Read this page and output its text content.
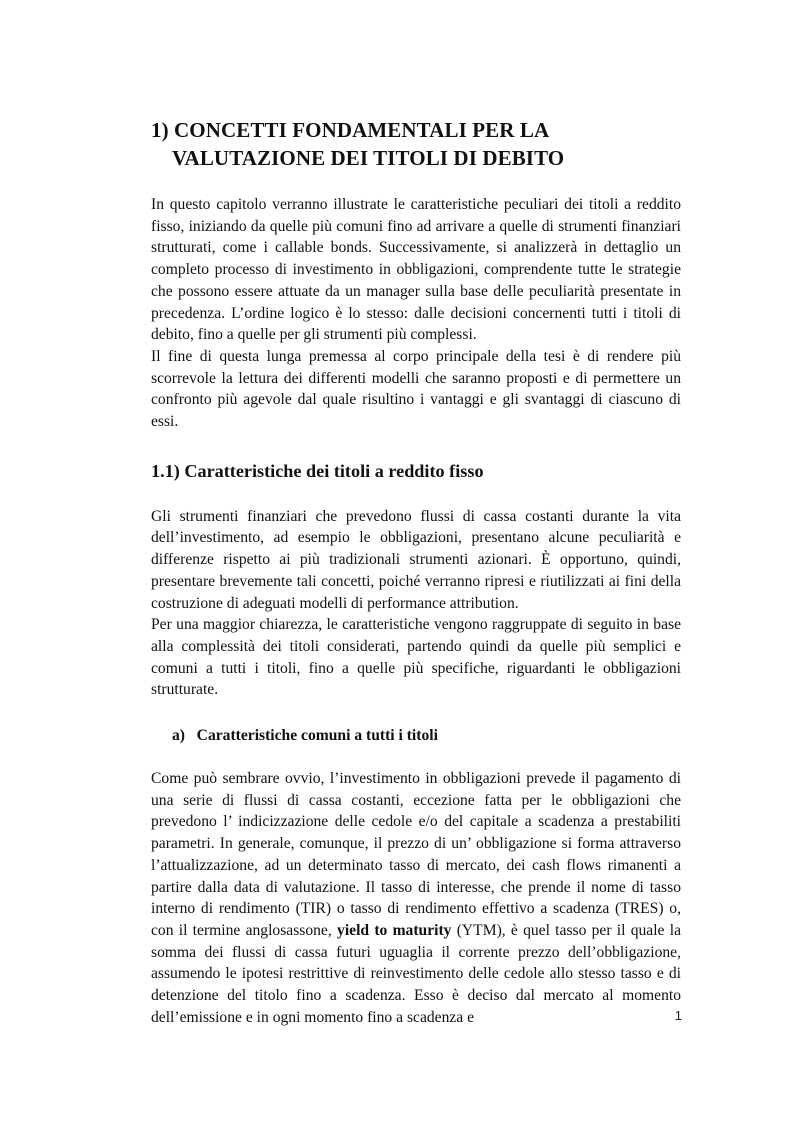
1) CONCETTI FONDAMENTALI PER LA
VALUTAZIONE DEI TITOLI DI DEBITO

In questo capitolo verranno illustrate le caratteristiche peculiari dei titoli a reddito fisso, iniziando da quelle più comuni fino ad arrivare a quelle di strumenti finanziari strutturati, come i callable bonds. Successivamente, si analizzerà in dettaglio un completo processo di investimento in obbligazioni, comprendente tutte le strategie che possono essere attuate da un manager sulla base delle peculiarità presentate in precedenza. L’ordine logico è lo stesso: dalle decisioni concernenti tutti i titoli di debito, fino a quelle per gli strumenti più complessi.

Il fine di questa lunga premessa al corpo principale della tesi è di rendere più scorrevole la lettura dei differenti modelli che saranno proposti e di permettere un confronto più agevole dal quale risultino i vantaggi e gli svantaggi di ciascuno di essi.

1.1) Caratteristiche dei titoli a reddito fisso

Gli strumenti finanziari che prevedono flussi di cassa costanti durante la vita dell’investimento, ad esempio le obbligazioni, presentano alcune peculiarità e differenze rispetto ai più tradizionali strumenti azionari. È opportuno, quindi, presentare brevemente tali concetti, poiché verranno ripresi e riutilizzati ai fini della costruzione di adeguati modelli di performance attribution.

Per una maggior chiarezza, le caratteristiche vengono raggruppate di seguito in base alla complessità dei titoli considerati, partendo quindi da quelle più semplici e comuni a tutti i titoli, fino a quelle più specifiche, riguardanti le obbligazioni strutturate.

a)   Caratteristiche comuni a tutti i titoli

Come può sembrare ovvio, l’investimento in obbligazioni prevede il pagamento di una serie di flussi di cassa costanti, eccezione fatta per le obbligazioni che prevedono l’ indicizzazione delle cedole e/o del capitale a scadenza a prestabiliti parametri. In generale, comunque, il prezzo di un’ obbligazione si forma attraverso l’attualizzazione, ad un determinato tasso di mercato, dei cash flows rimanenti a partire dalla data di valutazione. Il tasso di interesse, che prende il nome di tasso interno di rendimento (TIR) o tasso di rendimento effettivo a scadenza (TRES) o, con il termine anglosassone, yield to maturity (YTM), è quel tasso per il quale la somma dei flussi di cassa futuri uguaglia il corrente prezzo dell’obbligazione, assumendo le ipotesi restrittive di reinvestimento delle cedole allo stesso tasso e di detenzione del titolo fino a scadenza. Esso è deciso dal mercato al momento dell’emissione e in ogni momento fino a scadenza e	1
